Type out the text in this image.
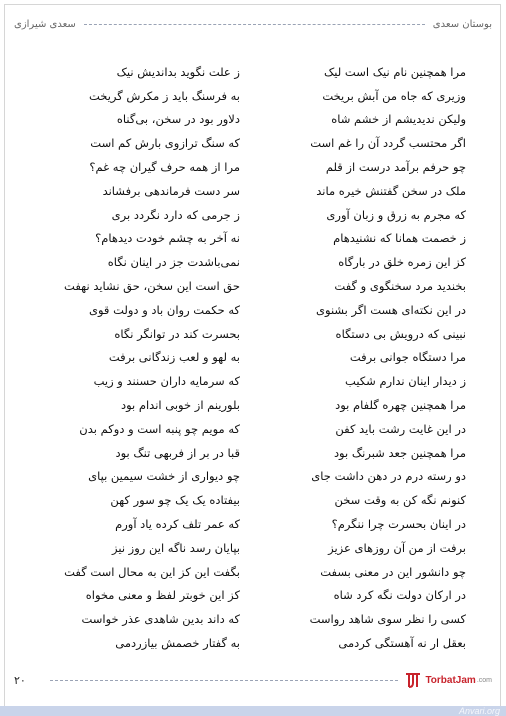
بوستان سعدی
سعدی شیرازی
مرا همچنین نام نیک است لیک
ز علت نگوید بداندیش نیک
وزیری که جاه من آبش بریخت
به فرسنگ باید ز مکرش گریخت
ولیکن ندیدیشم از خشم شاه
دلاور بود در سخن، بی‌گناه
اگر محتسب گردد آن را غم است
که سنگ ترازوی بارش کم است
چو حرفم برآمد درست از قلم
مرا از همه حرف گیران چه غم؟
ملک در سخن گفتنش خیره ماند
سر دست فرماندهی برفشاند
که مجرم به زرق و زبان آوری
ز جرمی که دارد نگردد بری
ز خصمت همانا که نشنیدهام
نه آخر به چشم خودت دیدهام؟
کز این زمره خلق در بارگاه
نمی‌باشدت جز در اینان نگاه
بخندید مرد سخنگوی و گفت
حق است این سخن، حق نشاید نهفت
در این نکته‌ای هست اگر بشنوی
که حکمت روان باد و دولت قوی
نبینی که درویش بی دستگاه
بحسرت کند در توانگر نگاه
مرا دستگاه جوانی برفت
به لهو و لعب زندگانی برفت
ز دیدار اینان ندارم شکیب
که سرمایه داران حسنند و زیب
مرا همچنین چهره گلفام بود
بلورینم از خوبی اندام بود
در این غایت رشت باید کفن
که مویم چو پنبه است و دوکم بدن
مرا همچنین جعد شبرنگ بود
قبا در بر از فربهی تنگ بود
دو رسته درم در دهن داشت جای
چو دیواری از خشت سیمین بپای
کنونم نگه کن به وقت سخن
بیفتاده یک یک چو سور کهن
در اینان بحسرت چرا ننگرم؟
که عمر تلف کرده یاد آورم
برفت از من آن روزهای عزیز
بپایان رسد ناگه این روز نیز
چو دانشور این در معنی بسفت
بگفت این کز این به محال است گفت
در ارکان دولت نگه کرد شاه
کز این خوبتر لفظ و معنی مخواه
کسی را نظر سوی شاهد رواست
که داند بدین شاهدی عذر خواست
بعقل ار نه آهستگی کردمی
به گفتار خصمش بیازردمی
۲۰	TorbatJam .com
Anvari.org
